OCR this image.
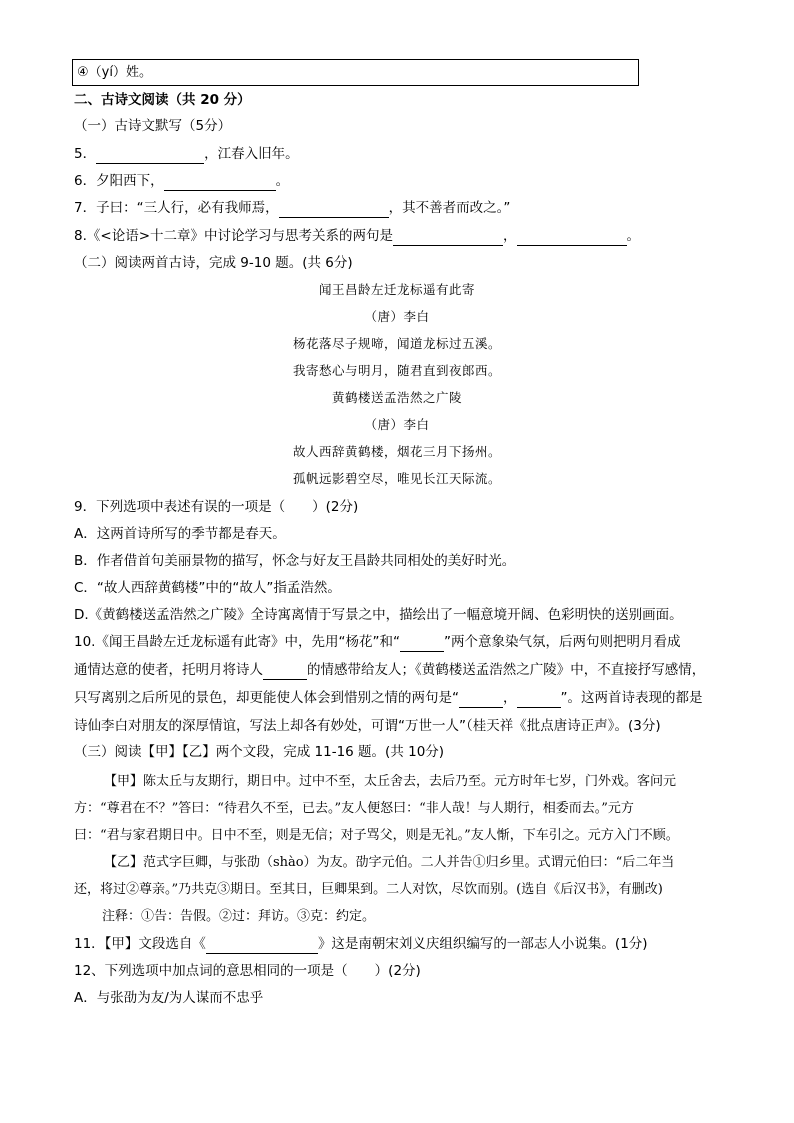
④（yí）姓。
二、古诗文阅读（共 20 分）
（一）古诗文默写（5分）
5．	，江春入旧年。
6．夕阳西下，	。
7．子曰：“三人行，必有我师焉，	，其不善者而改之。”
8.《<论语>十二章》中讨论学习与思考关系的两句是	，	。
（二）阅读两首古诗，完成 9-10 题。(共 6分)
闻王昌龄左迁龙标遥有此寄
（唐）李白
杨花落尽子规啼，闻道龙标过五溪。
我寄愁心与明月，随君直到夜郎西。
黄鹤楼送孟浩然之广陵
（唐）李白
故人西辞黄鹤楼，烟花三月下扬州。
孤帆远影碧空尽，唯见长江天际流。
9．下列选项中表述有误的一项是（　　）(2分)
A．这两首诗所写的季节都是春天。
B．作者借首句美丽景物的描写，怀念与好友王昌龄共同相处的美好时光。
C．“故人西辞黄鹤楼”中的“故人”指孟浩然。
D.《黄鹤楼送孟浩然之广陵》全诗寓离情于写景之中，描绘出了一幅意境开阔、色彩明快的送别画面。
10.《闻王昌龄左迁龙标遥有此寄》中，先用“杨花”和“	”两个意象染气氛，后两句则把明月看成
通情达意的使者，托明月将诗人	的情感带给友人；《黄鹤楼送孟浩然之广陵》中，不直接抒写感情，
只写离别之后所见的景色，却更能使人体会到惜别之情的两句是“	，	”。这两首诗表现的都是
诗仙李白对朋友的深厚情谊，写法上却各有妙处，可谓“万世一人”（桂天祥《批点唐诗正声》。(3分)
（三）阅读【甲】【乙】两个文段，完成 11-16 题。(共 10分)
【甲】陈太丘与友期行，期日中。过中不至，太丘舍去，去后乃至。元方时年七岁，门外戏。客问元
方：“尊君在不？”答曰：“待君久不至，已去。”友人便怒曰：“非人哉！与人期行，相委而去。”元方
曰：“君与家君期日中。日中不至，则是无信；对子骂父，则是无礼。”友人惭，下车引之。元方入门不顾。
【乙】范式字巨卿，与张劭（shào）为友。劭字元伯。二人并告①归乡里。式谓元伯曰：“后二年当
还，将过②尊亲。”乃共克③期日。至其日，巨卿果到。二人对饮，尽饮而别。(选自《后汉书》，有删改)
注释：①告：告假。②过：拜访。③克：约定。
11．【甲】文段选自《	》这是南朝宋刘义庆组织编写的一部志人小说集。(1分)
12、下列选项中加点词的意思相同的一项是（　　）(2分)
A．与张劭为友/为人谋而不忠乎
